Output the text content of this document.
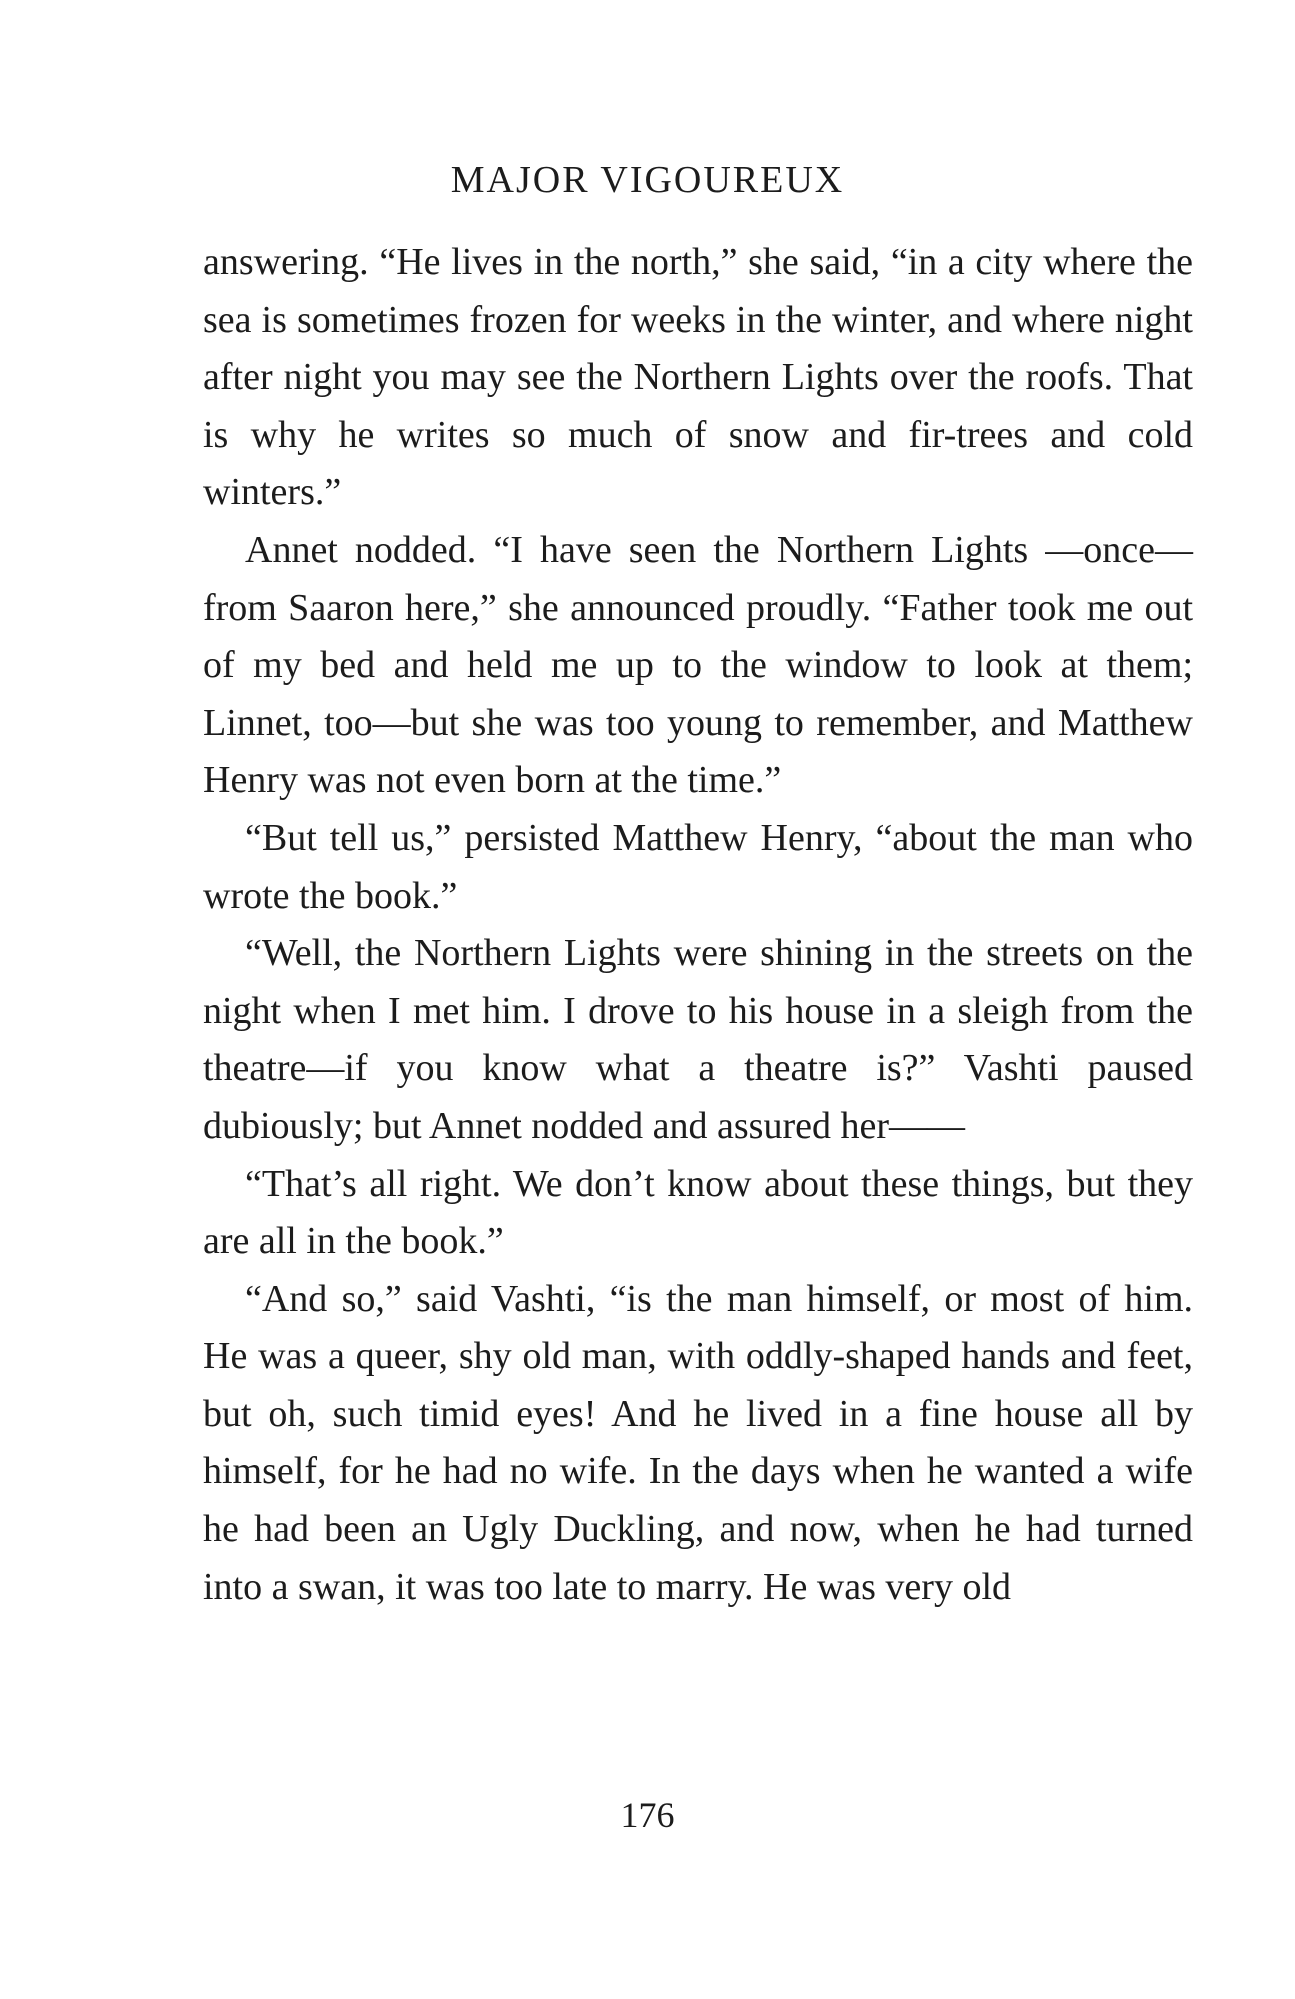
MAJOR VIGOUREUX

answering. “He lives in the north,” she said, “in a city where the sea is sometimes frozen for weeks in the winter, and where night after night you may see the Northern Lights over the roofs. That is why he writes so much of snow and fir-trees and cold winters.”

Annet nodded. “I have seen the Northern Lights —once—from Saaron here,” she announced proudly. “Father took me out of my bed and held me up to the window to look at them; Linnet, too—but she was too young to remember, and Matthew Henry was not even born at the time.”

“But tell us,” persisted Matthew Henry, “about the man who wrote the book.”

“Well, the Northern Lights were shining in the streets on the night when I met him. I drove to his house in a sleigh from the theatre—if you know what a theatre is?” Vashti paused dubiously; but Annet nodded and assured her——

“That’s all right. We don’t know about these things, but they are all in the book.”

“And so,” said Vashti, “is the man himself, or most of him. He was a queer, shy old man, with oddly-shaped hands and feet, but oh, such timid eyes! And he lived in a fine house all by himself, for he had no wife. In the days when he wanted a wife he had been an Ugly Duckling, and now, when he had turned into a swan, it was too late to marry. He was very old

176
